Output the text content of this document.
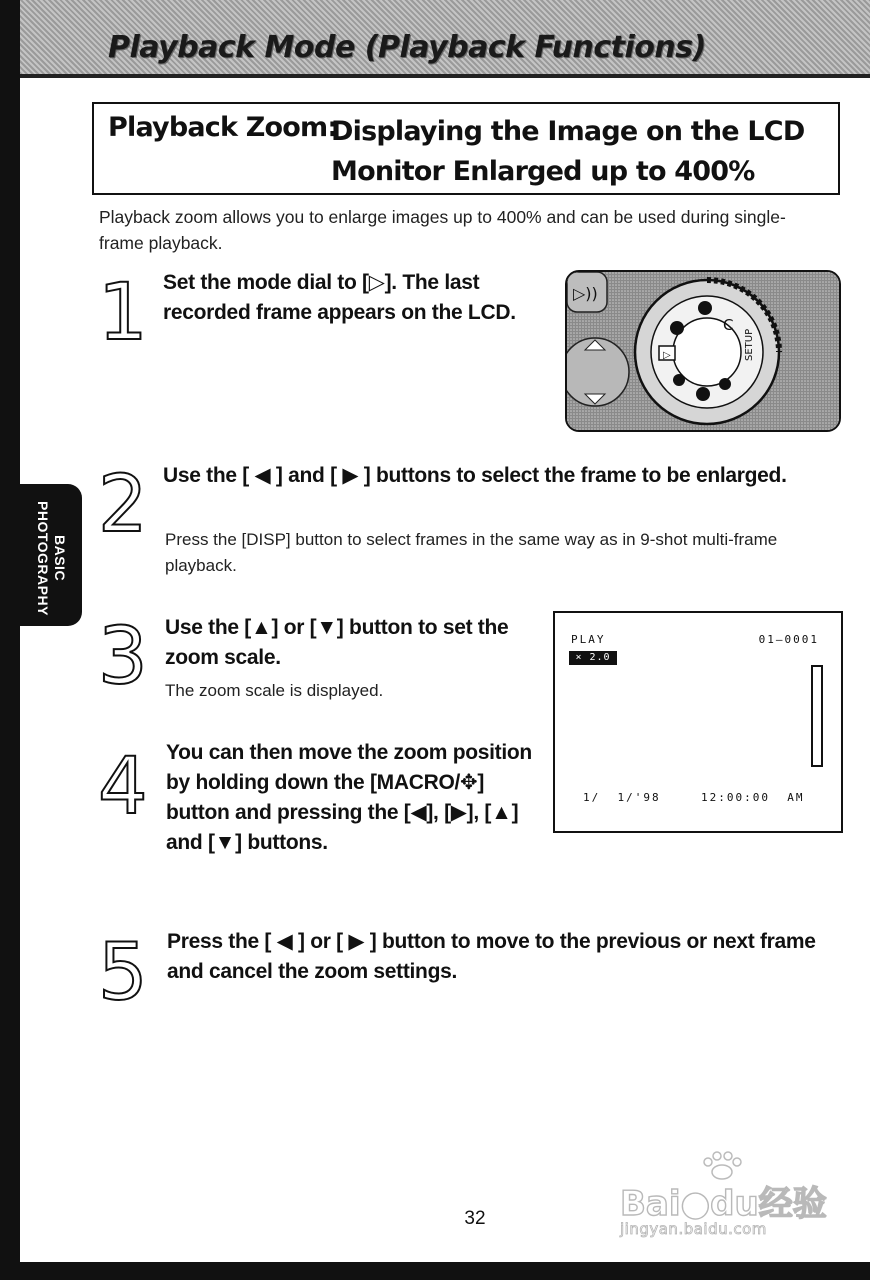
Playback Mode (Playback Functions)
Playback Zoom:
Displaying the Image on the LCD Monitor Enlarged up to 400%
Playback zoom allows you to enlarge images up to 400% and can be used during single-frame playback.
BASIC PHOTOGRAPHY
1 Set the mode dial to [▷]. The last recorded frame appears on the LCD.
▷))
C
▷	SETUP
2 Use the [ ◀ ] and [ ▶ ] buttons to select the frame to be enlarged.
Press the [DISP] button to select frames in the same way as in 9-shot multi-frame playback.
3 Use the [▲] or [▼] button to set the zoom scale.
The zoom scale is displayed.
PLAY	01–0001
× 2.0
1/  1/'98	12:00:00  AM
4 You can then move the zoom position by holding down the [MACRO/✥] button and pressing the [◀], [▶], [▲] and [▼] buttons.
5 Press the [ ◀ ] or [ ▶ ] button to move to the previous or next frame and cancel the zoom settings.
32	Bai●du经验
jingyan.baidu.com
